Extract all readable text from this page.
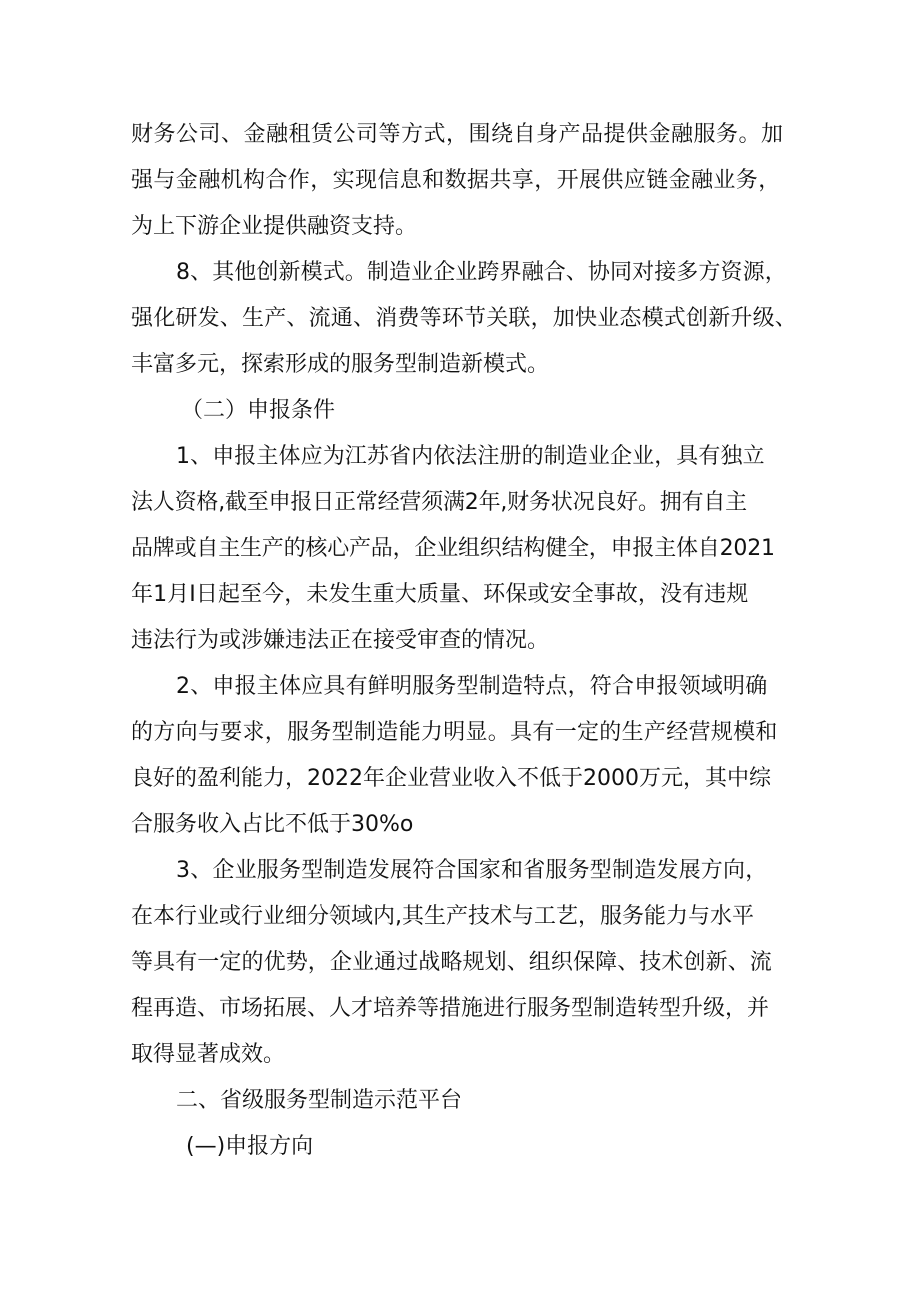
财务公司、金融租赁公司等方式，围绕自身产品提供金融服务。加
强与金融机构合作，实现信息和数据共享，开展供应链金融业务，
为上下游企业提供融资支持。
8、其他创新模式。制造业企业跨界融合、协同对接多方资源，
强化研发、生产、流通、消费等环节关联，加快业态模式创新升级、
丰富多元，探索形成的服务型制造新模式。
（二）申报条件
1、申报主体应为江苏省内依法注册的制造业企业，具有独立
法人资格,截至申报日正常经营须满2年,财务状况良好。拥有自主
品牌或自主生产的核心产品，企业组织结构健全，申报主体自2021
年1月I日起至今，未发生重大质量、环保或安全事故，没有违规
违法行为或涉嫌违法正在接受审查的情况。
2、申报主体应具有鲜明服务型制造特点，符合申报领域明确
的方向与要求，服务型制造能力明显。具有一定的生产经营规模和
良好的盈利能力，2022年企业营业收入不低于2000万元，其中综
合服务收入占比不低于30%o
3、企业服务型制造发展符合国家和省服务型制造发展方向，
在本行业或行业细分领域内,其生产技术与工艺，服务能力与水平
等具有一定的优势，企业通过战略规划、组织保障、技术创新、流
程再造、市场拓展、人才培养等措施进行服务型制造转型升级，并
取得显著成效。
二、省级服务型制造示范平台
(—)申报方向
